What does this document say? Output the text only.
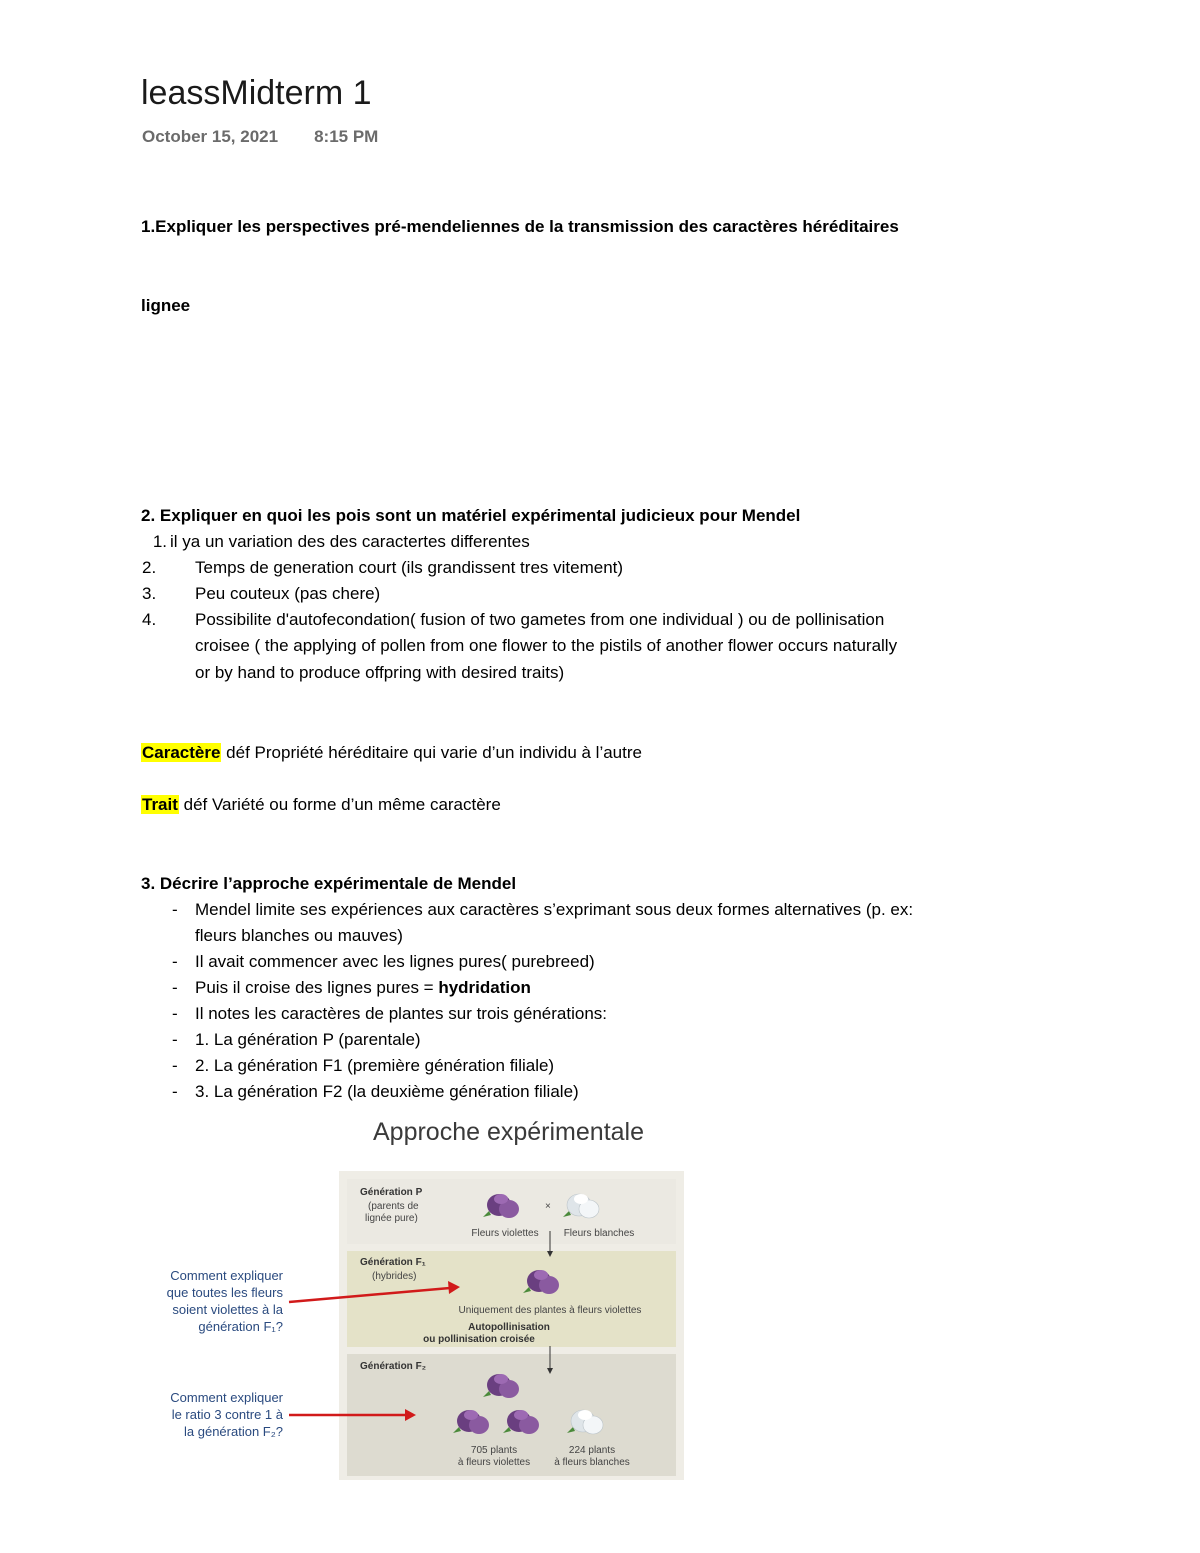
leassMidterm 1
October 15, 2021 8:15 PM
1.Expliquer les perspectives pré-mendeliennes de la transmission des caractères héréditaires
lignee
2. Expliquer en quoi les pois sont un matériel expérimental judicieux pour Mendel
1. il ya un variation des des caractertes differentes
2. Temps de generation court (ils grandissent tres vitement)
3. Peu couteux (pas chere)
4. Possibilite d'autofecondation( fusion of two gametes from one individual ) ou de pollinisation
croisee ( the applying of pollen from one flower to the pistils of another flower occurs naturally
or by hand to produce offpring with desired traits)
Caractère déf Propriété héréditaire qui varie d’un individu à l’autre
Trait déf Variété ou forme d’un même caractère
3. Décrire l’approche expérimentale de Mendel
- Mendel limite ses expériences aux caractères s’exprimant sous deux formes alternatives (p. ex:
fleurs blanches ou mauves)
- Il avait commencer avec les lignes pures( purebreed)
- Puis il croise des lignes pures = hydridation
- Il notes les caractères de plantes sur trois générations:
- 1. La génération P (parentale)
- 2. La génération F1 (première génération filiale)
- 3. La génération F2 (la deuxième génération filiale)
Approche expérimentale
Génération P
(parents de
lignée pure)
×
Fleurs violettes	Fleurs blanches
Génération F₁
(hybrides)
Uniquement des plantes à fleurs violettes
Autopollinisation
ou pollinisation croisée
Génération F₂
705 plants
à fleurs violettes
224 plants
à fleurs blanches
Comment expliquer
que toutes les fleurs
soient violettes à la
génération F₁?
Comment expliquer
le ratio 3 contre 1 à
la génération F₂?
